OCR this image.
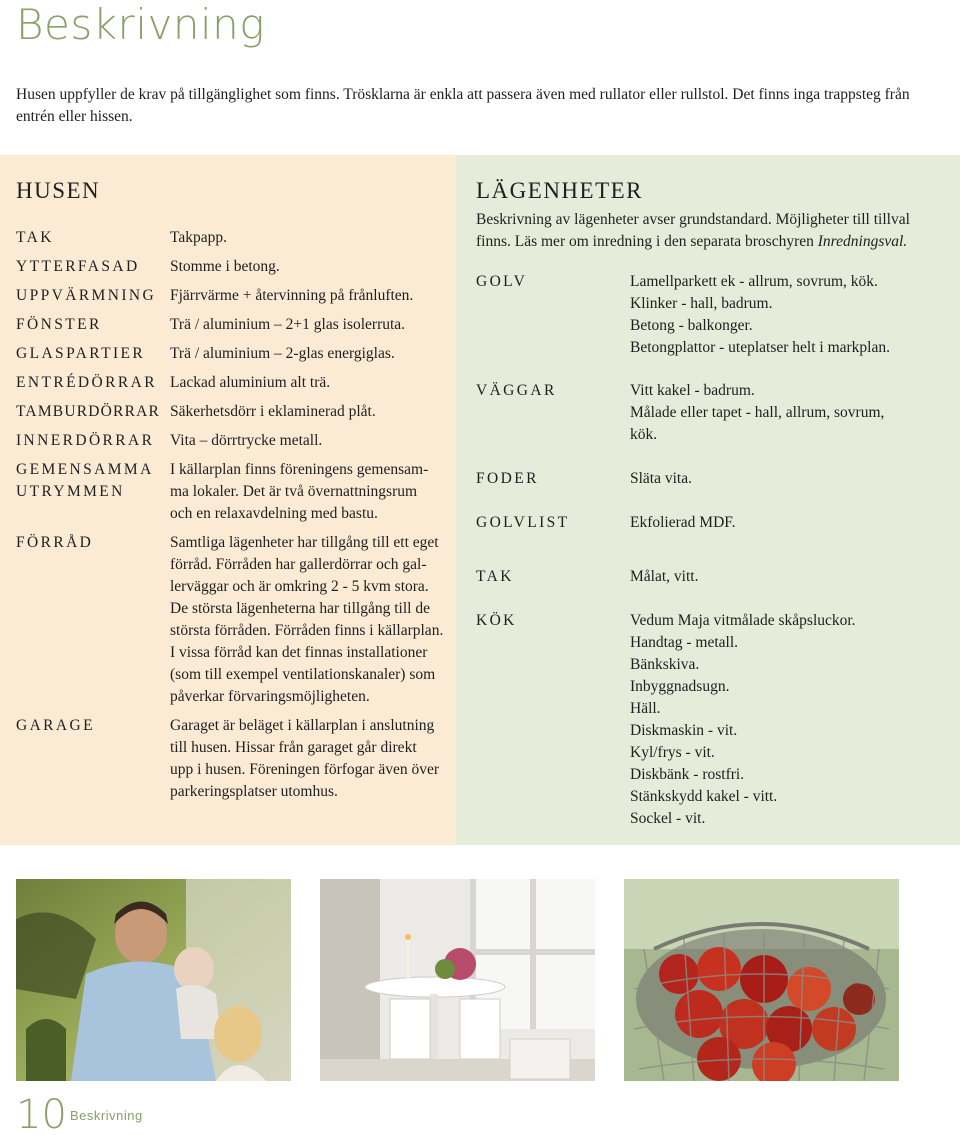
Beskrivning

Husen uppfyller de krav på tillgänglighet som finns. Trösklarna är enkla att passera även med rullator eller rullstol. Det finns inga trappsteg från entrén eller hissen.

HUSEN
TAK	Takpapp.
YTTERFASAD Stomme i betong.
UPPVÄRMNING Fjärrvärme + återvinning på frånluften.
FÖNSTER	Trä / aluminium – 2+1 glas isolerruta.
GLASPARTIER Trä / aluminium – 2-glas energiglas.
ENTRÉDÖRRAR Lackad aluminium alt trä.
TAMBURDÖRRAR Säkerhetsdörr i eklaminerad plåt.
INNERDÖRRAR Vita – dörrtrycke metall.
GEMENSAMMA UTRYMMEN
I källarplan finns föreningens gemensam-
ma lokaler. Det är två övernattningsrum
och en relaxavdelning med bastu.
FÖRRÅD	Samtliga lägenheter har tillgång till ett eget
förråd. Förråden har gallerdörrar och gal-
lerväggar och är omkring 2 - 5 kvm stora.
De största lägenheterna har tillgång till de
största förråden. Förråden finns i källarplan.
I vissa förråd kan det finnas installationer
(som till exempel ventilationskanaler) som
påverkar förvaringsmöjligheten.
GARAGE	Garaget är beläget i källarplan i anslutning
till husen. Hissar från garaget går direkt
upp i husen. Föreningen förfogar även över
parkeringsplatser utomhus.
LÄGENHETER
Beskrivning av lägenheter avser grundstandard. Möjligheter till tillval
finns. Läs mer om inredning i den separata broschyren Inredningsval.
GOLV	Lamellparkett ek - allrum, sovrum, kök.
Klinker - hall, badrum.
Betong - balkonger.
Betongplattor - uteplatser helt i markplan.
VÄGGAR	Vitt kakel - badrum.
Målade eller tapet - hall, allrum, sovrum,
kök.
FODER	Släta vita.
GOLVLIST	Ekfolierad MDF.
TAK	Målat, vitt.
KÖK	Vedum Maja vitmålade skåpsluckor.
Handtag - metall.
Bänkskiva.
Inbyggnadsugn.
Häll.
Diskmaskin - vit.
Kyl/frys - vit.
Diskbänk - rostfri.
Stänkskydd kakel - vitt.
Sockel - vit.
10 Beskrivning
